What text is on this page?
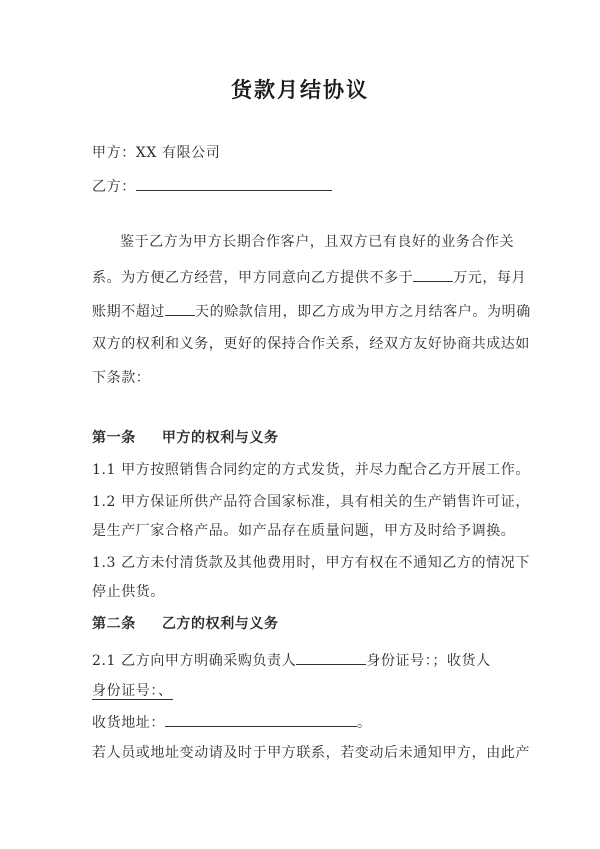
货款月结协议
甲方：XX 有限公司
乙方：
鉴于乙方为甲方长期合作客户，且双方已有良好的业务合作关
系。为方便乙方经营，甲方同意向乙方提供不多于	万元，每月
账期不超过 天的赊款信用，即乙方成为甲方之月结客户。为明确
双方的权利和义务，更好的保持合作关系，经双方友好协商共成达如
下条款：
第一条 甲方的权利与义务
1.1 甲方按照销售合同约定的方式发货，并尽力配合乙方开展工作。
1.2 甲方保证所供产品符合国家标准，具有相关的生产销售许可证，
是生产厂家合格产品。如产品存在质量问题，甲方及时给予调换。
1.3 乙方未付清货款及其他费用时，甲方有权在不通知乙方的情况下
停止供货。
第二条 乙方的权利与义务
2.1 乙方向甲方明确采购负责人	身份证号：；收货人
身份证号：、
收货地址：	。
若人员或地址变动请及时于甲方联系，若变动后未通知甲方，由此产
